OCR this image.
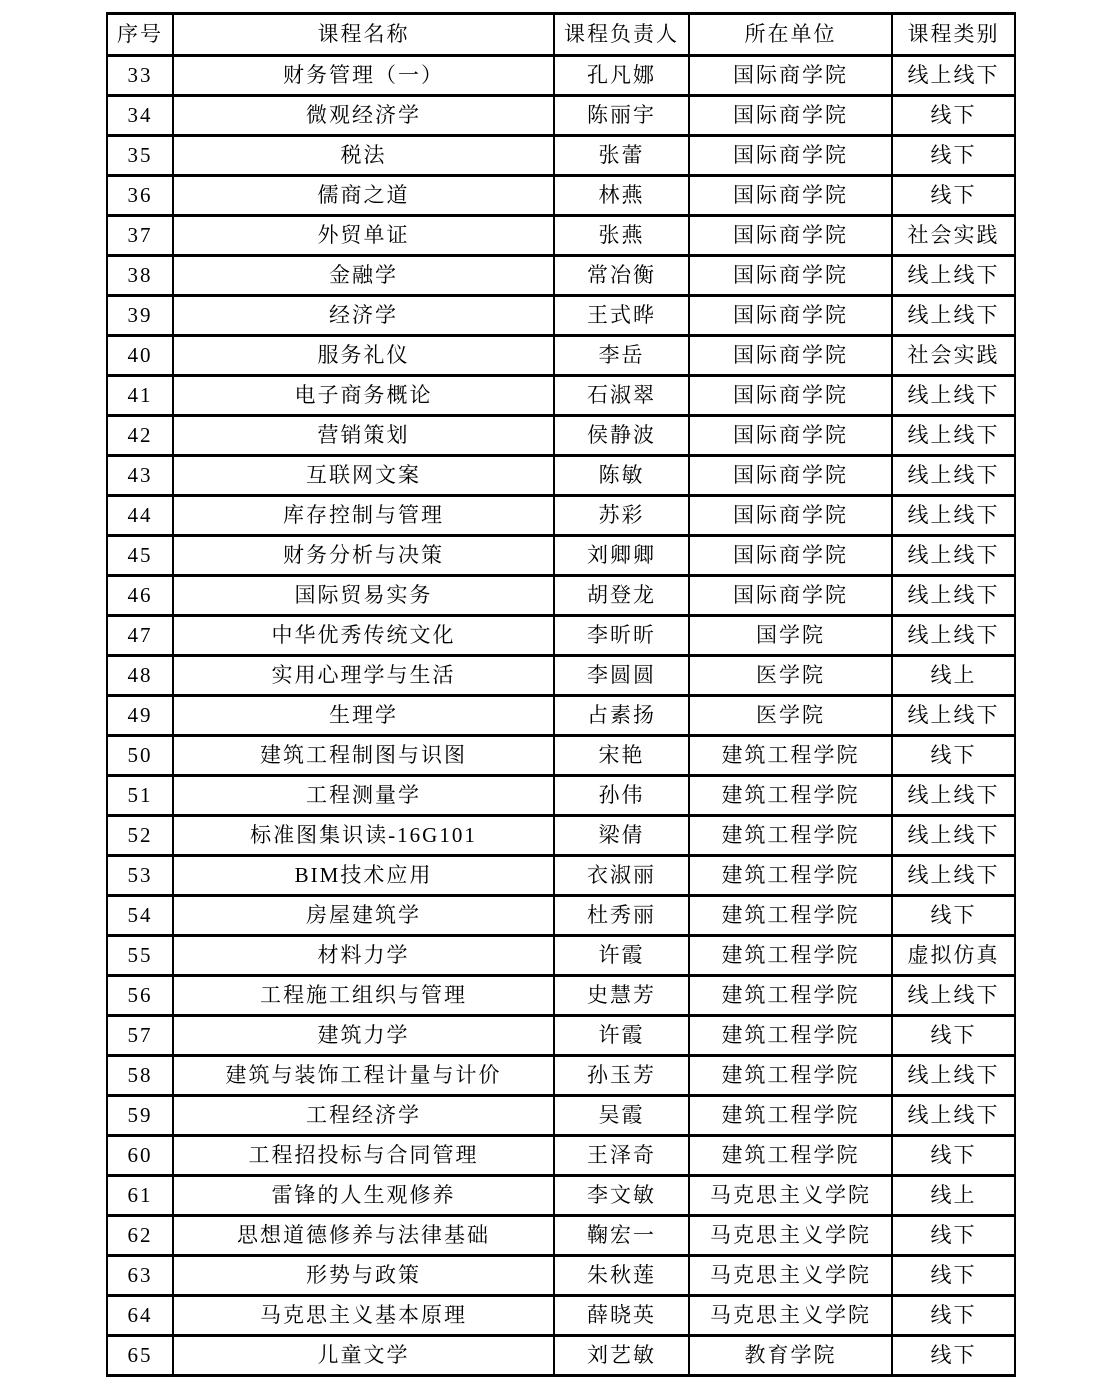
序号	课程名称	课程负责人	所在单位	课程类别
33	财务管理（一）	孔凡娜	国际商学院	线上线下
34	微观经济学	陈丽宇	国际商学院	线下
35	税法	张蕾	国际商学院	线下
36	儒商之道	林燕	国际商学院	线下
37	外贸单证	张燕	国际商学院	社会实践
38	金融学	常冶衡	国际商学院	线上线下
39	经济学	王式晔	国际商学院	线上线下
40	服务礼仪	李岳	国际商学院	社会实践
41	电子商务概论	石淑翠	国际商学院	线上线下
42	营销策划	侯静波	国际商学院	线上线下
43	互联网文案	陈敏	国际商学院	线上线下
44	库存控制与管理	苏彩	国际商学院	线上线下
45	财务分析与决策	刘卿卿	国际商学院	线上线下
46	国际贸易实务	胡登龙	国际商学院	线上线下
47	中华优秀传统文化	李昕昕	国学院	线上线下
48	实用心理学与生活	李圆圆	医学院	线上
49	生理学	占素扬	医学院	线上线下
50	建筑工程制图与识图	宋艳	建筑工程学院	线下
51	工程测量学	孙伟	建筑工程学院	线上线下
52	标准图集识读-16G101	梁倩	建筑工程学院	线上线下
53	BIM技术应用	衣淑丽	建筑工程学院	线上线下
54	房屋建筑学	杜秀丽	建筑工程学院	线下
55	材料力学	许霞	建筑工程学院	虚拟仿真
56	工程施工组织与管理	史慧芳	建筑工程学院	线上线下
57	建筑力学	许霞	建筑工程学院	线下
58	建筑与装饰工程计量与计价	孙玉芳	建筑工程学院	线上线下
59	工程经济学	吴霞	建筑工程学院	线上线下
60	工程招投标与合同管理	王泽奇	建筑工程学院	线下
61	雷锋的人生观修养	李文敏	马克思主义学院	线上
62	思想道德修养与法律基础	鞠宏一	马克思主义学院	线下
63	形势与政策	朱秋莲	马克思主义学院	线下
64	马克思主义基本原理	薛晓英	马克思主义学院	线下
65	儿童文学	刘艺敏	教育学院	线下
